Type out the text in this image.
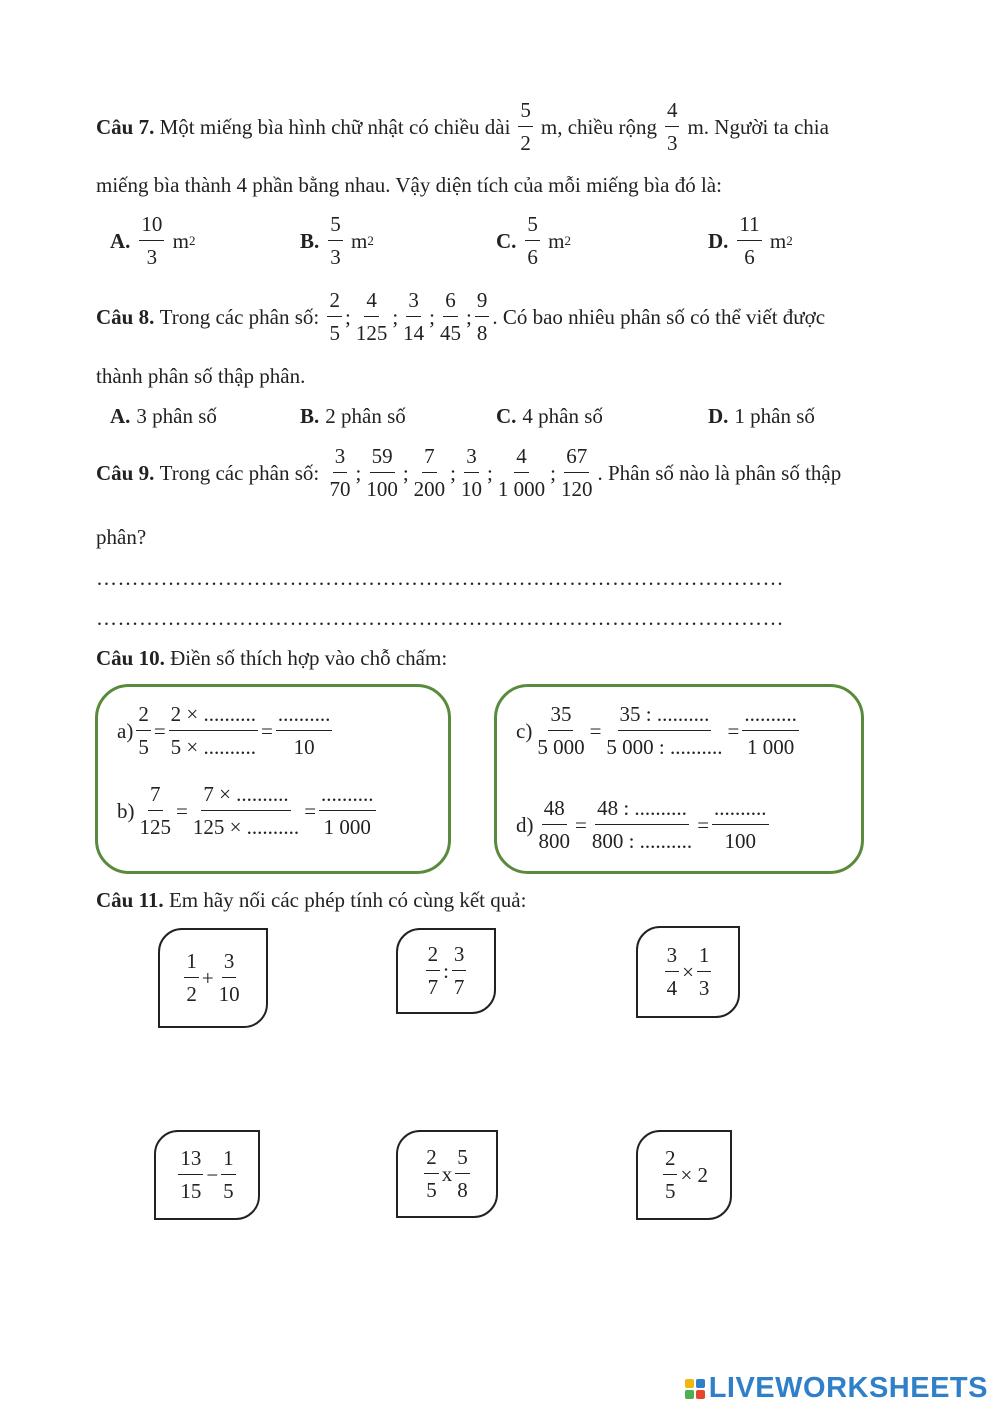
Câu 7.
Một miếng bìa hình chữ nhật có chiều dài $\frac{5}{2} m$, chiều rộng $\frac{4}{3} m$. Người ta chia
miếng bìa thành 4 phần bằng nhau. Vậy diện tích của mỗi miếng bìa đó là:
A. $\frac{10}{3}$
m 2	B. $\frac{5}{3}$
m 2	C. $\frac{5}{6}$
m 2	D. $\frac{11}{6}$
m 2
Câu 8.
Trong các phân số:
$\frac{2}{5}$ ; $\frac{4}{125}$ ; $\frac{3}{14}$ ; $\frac{6}{45}$ ; $\frac{9}{8}$ . Có bao nhiêu phân số có thể viết được
thành phân số thập phân.
A. 3 phân số	B. 2 phân số	C. 4 phân số	D. 1 phân số
Câu 9.
Trong các phân số:
$\frac{3}{70}$ ; $\frac{59}{100}$ ; $\frac{7}{200}$ ; $\frac{3}{10}$ ; $\frac{4}{1 000}$ ; $\frac{67}{120}$ . Phân số nào là phân số thập
phân?
……………………………………………………………………………………
……………………………………………………………………………………
Câu 10. Điền số thích hợp vào chỗ chấm:
$a) \frac{2}{5} = \frac{2 \times ..........}{5 \times ..........} = \frac{..........}{10}$
$b) \frac{7}{125} = \frac{7 \times ..........}{125 \times ..........} = \frac{..........}{1 000}$
$c) \frac{35}{5 000} = \frac{35 : ..........}{5 000 : ..........} = \frac{..........}{1 000}$
$d) \frac{48}{800} = \frac{48 : ..........}{800 : ..........} = \frac{..........}{100}$
Câu 11. Em hãy nối các phép tính có cùng kết quả:
$\frac{1}{2} + \frac{3}{10}$	$\frac{2}{7}$ : $\frac{3}{7}$	$\frac{3}{4} \times \frac{1}{3}$
$\frac{13}{15} - \frac{1}{5}$	$\frac{2}{5}$ x $\frac{5}{8}$	$\frac{2}{5} \times 2$
LIVEWORKSHEETS
